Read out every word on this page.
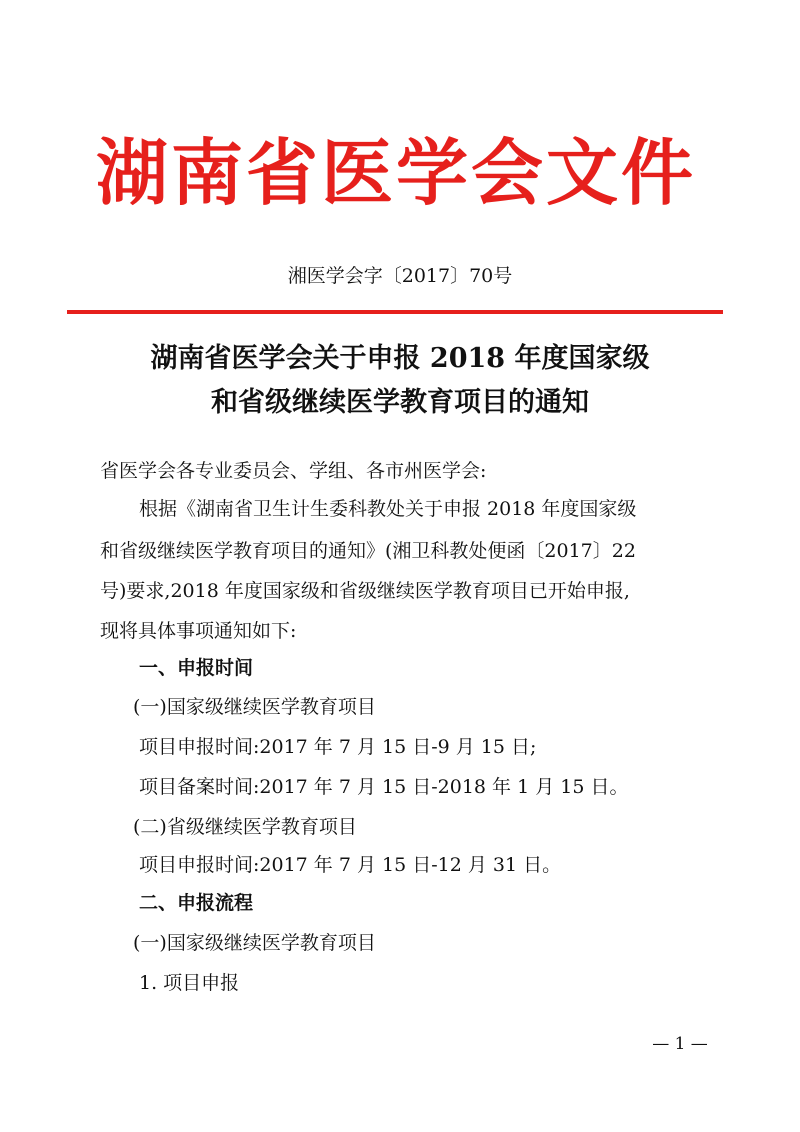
湖南省医学会文件
湘医学会字〔2017〕70号
湖南省医学会关于申报 2018 年度国家级
和省级继续医学教育项目的通知
省医学会各专业委员会、学组、各市州医学会:
根据《湖南省卫生计生委科教处关于申报 2018 年度国家级
和省级继续医学教育项目的通知》(湘卫科教处便函〔2017〕22
号)要求,2018 年度国家级和省级继续医学教育项目已开始申报,
现将具体事项通知如下:
一、申报时间
(一)国家级继续医学教育项目
项目申报时间:2017 年 7 月 15 日-9 月 15 日;
项目备案时间:2017 年 7 月 15 日-2018 年 1 月 15 日。
(二)省级继续医学教育项目
项目申报时间:2017 年 7 月 15 日-12 月 31 日。
二、申报流程
(一)国家级继续医学教育项目
1. 项目申报
— 1 —
